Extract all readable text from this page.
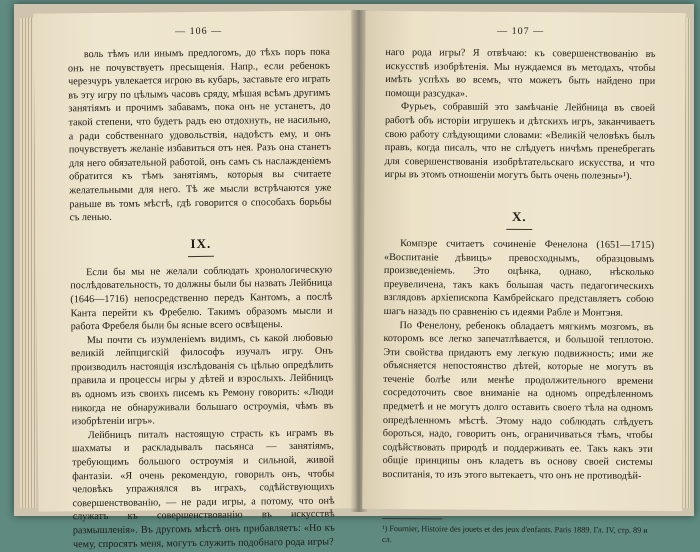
— 106 —

воль тѣмъ или инымъ предлогомъ, до тѣхъ поръ пока онъ не почувствуетъ пресыщенія. Напр., если ребенокъ черезчуръ увлекается игрою въ кубарь, заставьте его играть въ эту игру по цѣлымъ часовъ сряду, мѣшая всѣмъ другимъ занятіямъ и прочимъ забавамъ, пока онъ не устанетъ, до такой степени, что будетъ радъ ею отдохнуть, не насильно, а ради собственнаго удовольствія, надоѣстъ ему, и онъ почувствуетъ желаніе избавиться отъ нея. Разъ она станетъ для него обязательной работой, онъ самъ съ наслажденіемъ обратится къ тѣмъ занятіямъ, которыя вы считаете желательными для него. Тѣ же мысли встрѣчаются уже раньше въ томъ мѣстѣ, гдѣ говорится о способахъ борьбы съ ленью.

IX.

Если бы мы не желали соблюдать хронологическую послѣдовательность, то должны были бы назвать Лейбница (1646—1716) непосредственно передъ Кантомъ, а послѣ Канта перейти къ Фребелю. Такимъ образомъ мысли и работа Фребеля были бы ясные всего освѣщены.

Мы почти съ изумленіемъ видимъ, съ какой любовью великій лейпцигскій философъ изучалъ игру. Онъ производилъ настоящія изслѣдованія съ цѣлью опредѣлить правила и процессы игры у дѣтей и взрослыхъ. Лейбницъ въ одномъ изъ своихъ писемъ къ Ремону говорить: «Люди никогда не обнаруживали большаго остроумія, чѣмъ въ изобрѣтеніи игръ».

Лейбницъ питалъ настоящую страсть къ играмъ въ шахматы и раскладывалъ пасьянса — занятіямъ, требующимъ большого остроумія и сильной, живой фантазіи. «Я очень рекомендую, говорилъ онъ, чтобы человѣкъ упражнялся въ играхъ, содѣйствующихъ совершенствованію, — не ради игры, а потому, что онѣ служатъ къ совершенствованію въ искусствѣ размышленія». Въ другомъ мѣстѣ онъ прибавляетъ: «Но къ чему, спросятъ меня, могутъ служить подобнаго рода игры?

— 107 —

наго рода игры? Я отвѣчаю: къ совершенствованію въ искусствѣ изобрѣтенія. Мы нуждаемся въ методахъ, чтобы имѣть успѣхъ во всемъ, что можетъ быть найдено при помощи разсудка».

Фурьеъ, собравшій это замѣчаніе Лейбница въ своей работѣ объ исторіи игрушекъ и дѣтскихъ игръ, заканчиваетъ свою работу слѣдующими словами: «Великій человѣкъ былъ правъ, когда писалъ, что не слѣдуетъ ничѣмъ пренебрегать для совершенствованія изобрѣтательскаго искусства, и что игры въ этомъ отношеніи могутъ быть очень полезны»¹).

X.

Компэре считаетъ сочиненіе Фенелона (1651—1715) «Воспитаніе дѣвицъ» превосходнымъ, образцовымъ произведеніемъ. Это оцѣнка, однако, нѣсколько преувеличена, такъ какъ большая часть педагогическихъ взглядовъ архіепископа Камбрейскаго представляетъ собою шагъ назадъ по сравненію съ идеями Рабле и Монтэня.

По Фенелону, ребенокъ обладаетъ мягкимъ мозгомъ, въ которомъ все легко запечатлѣвается, и большой теплотою. Эти свойства придаютъ ему легкую подвижность; ими же объясняется непостоянство дѣтей, которые не могутъ въ теченіе болѣе или менѣе продолжительного времени сосредоточить свое вниманіе на одномъ опредѣленномъ предметѣ и не могутъ долго оставить своего тѣла на одномъ опредѣленномъ мѣстѣ. Этому надо соблюдать слѣдуетъ бороться, надо, говоритъ онъ, ограничиваться тѣмъ, чтобы содѣйствовать природѣ и поддерживать ее. Такъ какъ эти общіе принципы онъ кладетъ въ основу своей системы воспитанія, то изъ этого вытекаетъ, что онъ не противодѣй-

¹) Fournier, Histoire des jouets et des jeux d'enfants. Paris 1889. Гл. IV, стр. 89 и сл.
